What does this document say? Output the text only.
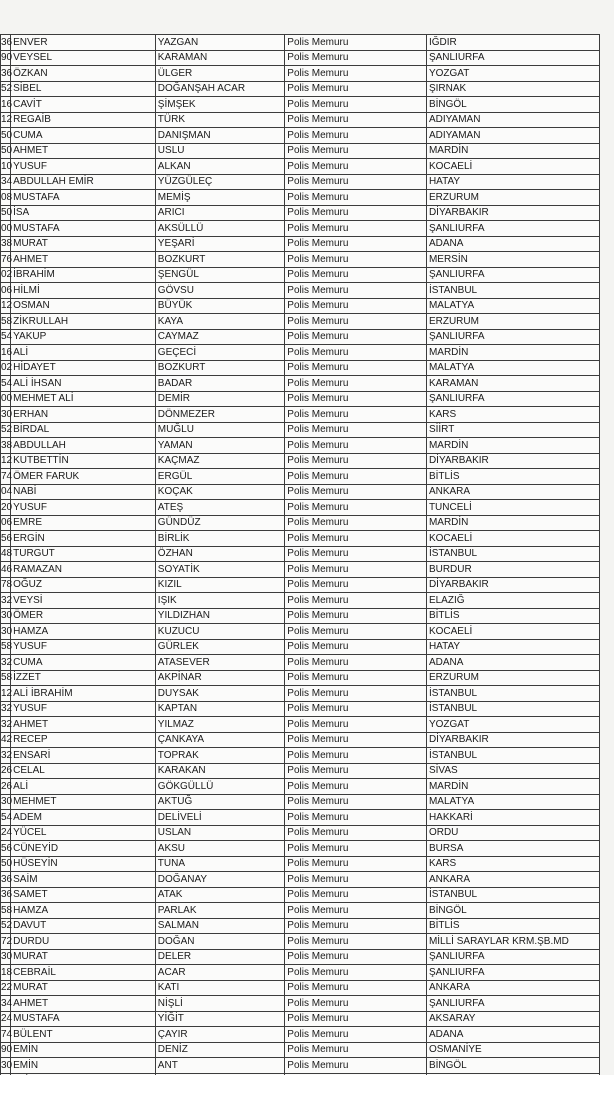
36	ENVER	YAZGAN	Polis Memuru	IĞDIR
90	VEYSEL	KARAMAN	Polis Memuru	ŞANLIURFA
36	ÖZKAN	ÜLGER	Polis Memuru	YOZGAT
52	SİBEL	DOĞANŞAH ACAR	Polis Memuru	ŞIRNAK
16	CAVİT	ŞİMŞEK	Polis Memuru	BİNGÖL
12	REGAİB	TÜRK	Polis Memuru	ADIYAMAN
50	CUMA	DANIŞMAN	Polis Memuru	ADIYAMAN
50	AHMET	USLU	Polis Memuru	MARDİN
10	YUSUF	ALKAN	Polis Memuru	KOCAELİ
34	ABDULLAH EMİR	YÜZGÜLEÇ	Polis Memuru	HATAY
08	MUSTAFA	MEMİŞ	Polis Memuru	ERZURUM
50	İSA	ARICI	Polis Memuru	DİYARBAKIR
00	MUSTAFA	AKSÜLLÜ	Polis Memuru	ŞANLIURFA
38	MURAT	YEŞARİ	Polis Memuru	ADANA
76	AHMET	BOZKURT	Polis Memuru	MERSİN
02	İBRAHİM	ŞENGÜL	Polis Memuru	ŞANLIURFA
06	HİLMİ	GÖVSU	Polis Memuru	İSTANBUL
12	OSMAN	BÜYÜK	Polis Memuru	MALATYA
58	ZİKRULLAH	KAYA	Polis Memuru	ERZURUM
54	YAKUP	CAYMAZ	Polis Memuru	ŞANLIURFA
16	ALİ	GEÇECİ	Polis Memuru	MARDİN
02	HİDAYET	BOZKURT	Polis Memuru	MALATYA
54	ALİ İHSAN	BADAR	Polis Memuru	KARAMAN
00	MEHMET ALİ	DEMİR	Polis Memuru	ŞANLIURFA
30	ERHAN	DÖNMEZER	Polis Memuru	KARS
52	BİRDAL	MUĞLU	Polis Memuru	SİİRT
38	ABDULLAH	YAMAN	Polis Memuru	MARDİN
12	KUTBETTİN	KAÇMAZ	Polis Memuru	DİYARBAKIR
74	ÖMER FARUK	ERGÜL	Polis Memuru	BİTLİS
04	NABİ	KOÇAK	Polis Memuru	ANKARA
20	YUSUF	ATEŞ	Polis Memuru	TUNCELİ
06	EMRE	GÜNDÜZ	Polis Memuru	MARDİN
56	ERGİN	BİRLİK	Polis Memuru	KOCAELİ
48	TURGUT	ÖZHAN	Polis Memuru	İSTANBUL
46	RAMAZAN	SOYATİK	Polis Memuru	BURDUR
78	OĞUZ	KIZIL	Polis Memuru	DİYARBAKIR
32	VEYSİ	IŞIK	Polis Memuru	ELAZIĞ
30	ÖMER	YILDIZHAN	Polis Memuru	BİTLİS
30	HAMZA	KUZUCU	Polis Memuru	KOCAELİ
58	YUSUF	GÜRLEK	Polis Memuru	HATAY
32	CUMA	ATASEVER	Polis Memuru	ADANA
58	İZZET	AKPİNAR	Polis Memuru	ERZURUM
12	ALİ İBRAHİM	DUYSAK	Polis Memuru	İSTANBUL
32	YUSUF	KAPTAN	Polis Memuru	İSTANBUL
32	AHMET	YILMAZ	Polis Memuru	YOZGAT
42	RECEP	ÇANKAYA	Polis Memuru	DİYARBAKIR
32	ENSARİ	TOPRAK	Polis Memuru	İSTANBUL
26	CELAL	KARAKAN	Polis Memuru	SİVAS
26	ALİ	GÖKGÜLLÜ	Polis Memuru	MARDİN
30	MEHMET	AKTUĞ	Polis Memuru	MALATYA
54	ADEM	DELİVELİ	Polis Memuru	HAKKARİ
24	YÜCEL	USLAN	Polis Memuru	ORDU
56	CÜNEYİD	AKSU	Polis Memuru	BURSA
50	HÜSEYİN	TUNA	Polis Memuru	KARS
36	SAİM	DOĞANAY	Polis Memuru	ANKARA
36	SAMET	ATAK	Polis Memuru	İSTANBUL
58	HAMZA	PARLAK	Polis Memuru	BİNGÖL
52	DAVUT	SALMAN	Polis Memuru	BİTLİS
72	DURDU	DOĞAN	Polis Memuru	MİLLİ SARAYLAR KRM.ŞB.MD
30	MURAT	DELER	Polis Memuru	ŞANLIURFA
18	CEBRAİL	ACAR	Polis Memuru	ŞANLIURFA
22	MURAT	KATI	Polis Memuru	ANKARA
34	AHMET	NİŞLİ	Polis Memuru	ŞANLIURFA
24	MUSTAFA	YİĞİT	Polis Memuru	AKSARAY
74	BÜLENT	ÇAYIR	Polis Memuru	ADANA
90	EMİN	DENİZ	Polis Memuru	OSMANİYE
30	EMİN	ANT	Polis Memuru	BİNGÖL
